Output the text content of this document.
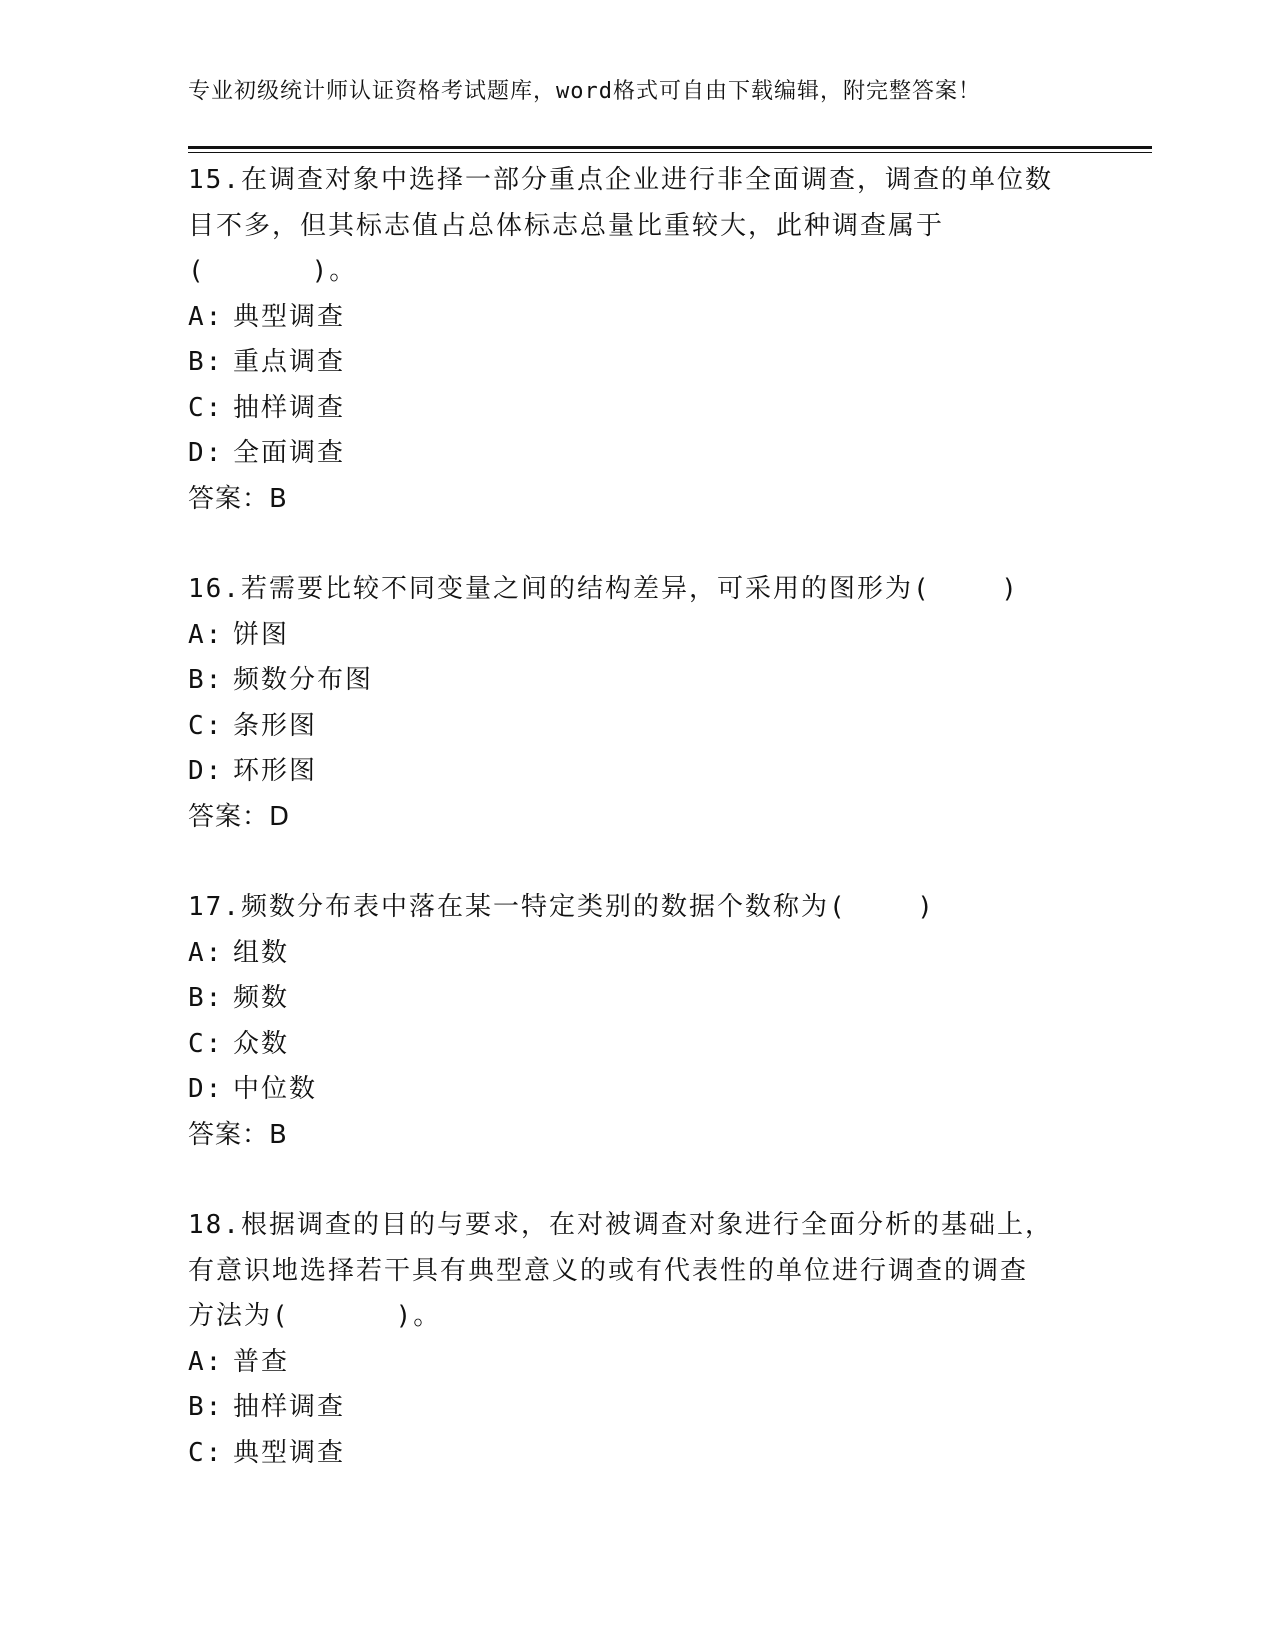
专业初级统计师认证资格考试题库，word格式可自由下载编辑，附完整答案！
15.在调查对象中选择一部分重点企业进行非全面调查，调查的单位数
目不多，但其标志值占总体标志总量比重较大，此种调查属于
(      )。
A: 典型调查
B: 重点调查
C: 抽样调查
D: 全面调查
答案：B
16.若需要比较不同变量之间的结构差异，可采用的图形为(    )
A: 饼图
B: 频数分布图
C: 条形图
D: 环形图
答案：D
17.频数分布表中落在某一特定类别的数据个数称为(    )
A: 组数
B: 频数
C: 众数
D: 中位数
答案：B
18.根据调查的目的与要求，在对被调查对象进行全面分析的基础上，
有意识地选择若干具有典型意义的或有代表性的单位进行调查的调查
方法为(      )。
A: 普查
B: 抽样调查
C: 典型调查
